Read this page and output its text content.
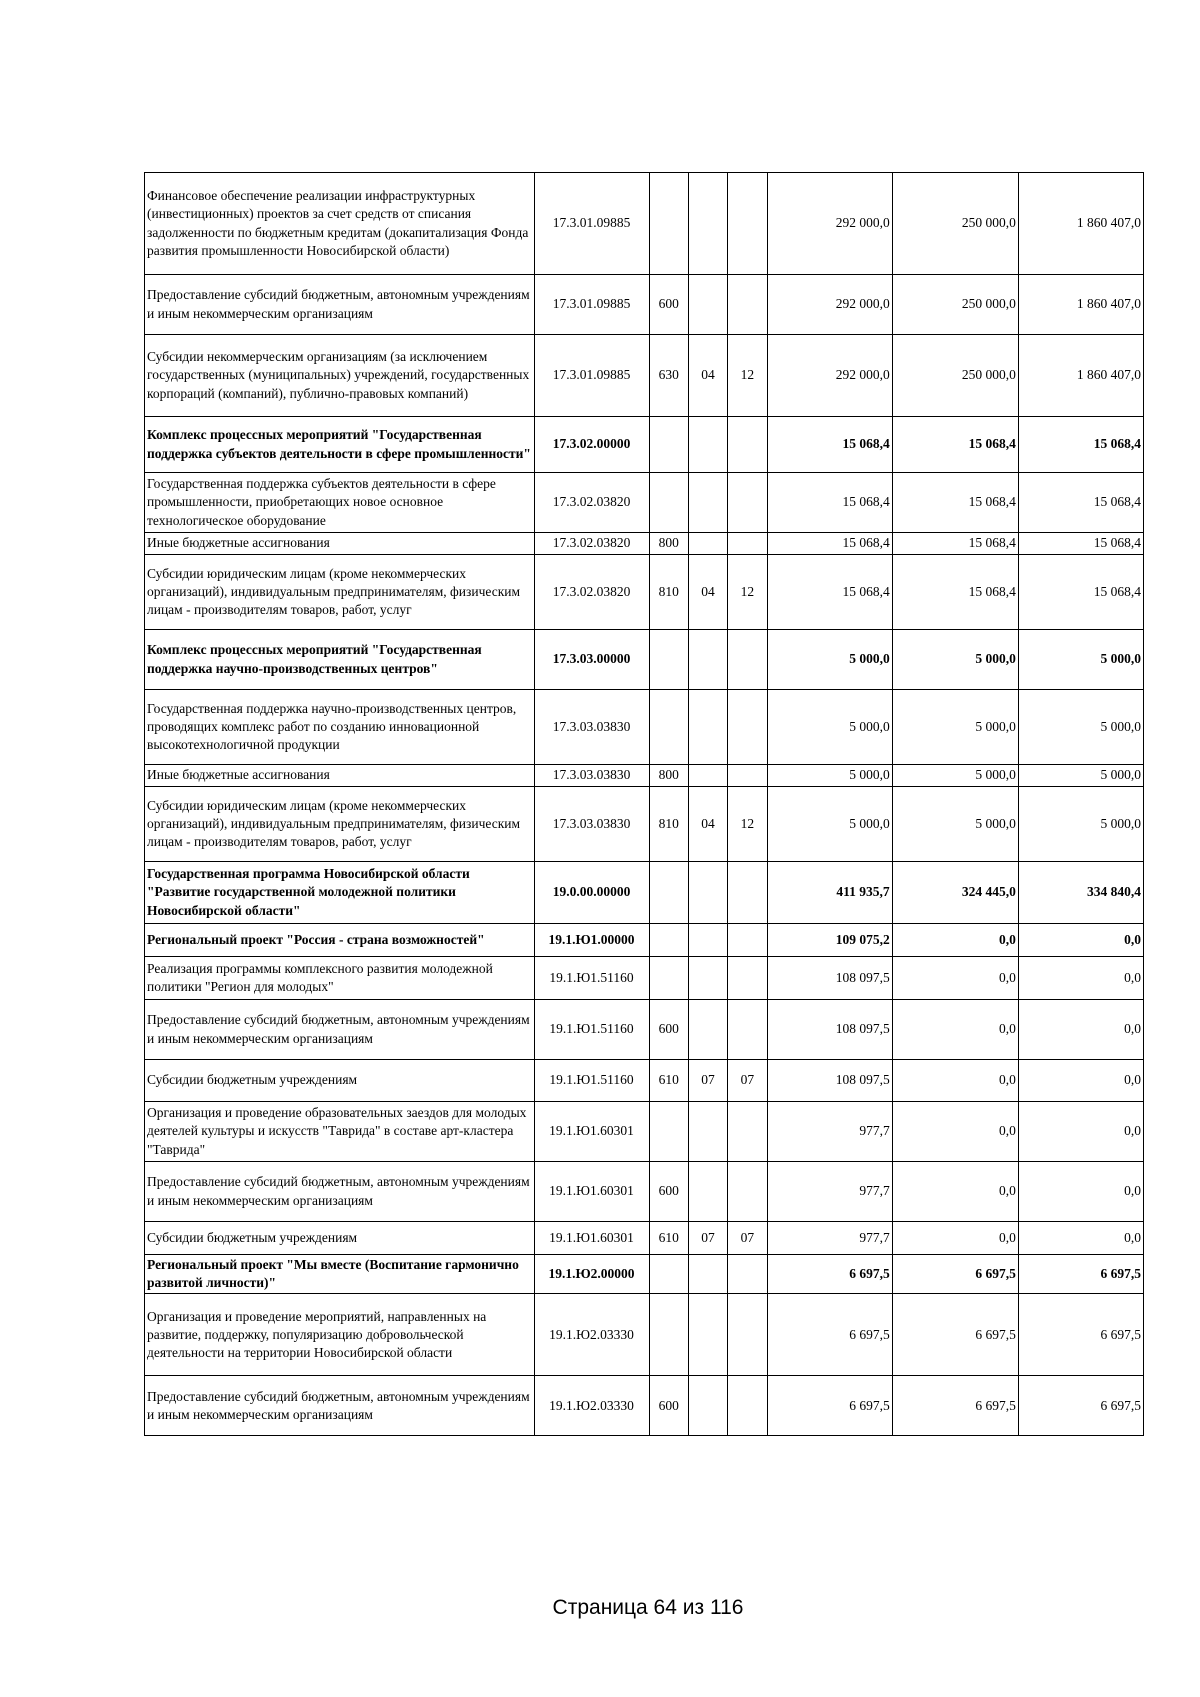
Финансовое обеспечение реализации инфраструктурных (инвестиционных) проектов за счет средств от списания задолженности по бюджетным кредитам (докапитализация Фонда развития промышленности Новосибирской области)	17.3.01.09885				292 000,0	250 000,0	1 860 407,0
Предоставление субсидий бюджетным, автономным учреждениям и иным некоммерческим организациям	17.3.01.09885	600			292 000,0	250 000,0	1 860 407,0
Субсидии некоммерческим организациям (за исключением государственных (муниципальных) учреждений, государственных корпораций (компаний), публично-правовых компаний)	17.3.01.09885	630	04	12	292 000,0	250 000,0	1 860 407,0
Комплекс процессных мероприятий "Государственная поддержка субъектов деятельности в сфере промышленности"	17.3.02.00000				15 068,4	15 068,4	15 068,4
Государственная поддержка субъектов деятельности в сфере промышленности, приобретающих новое основное технологическое оборудование	17.3.02.03820				15 068,4	15 068,4	15 068,4
Иные бюджетные ассигнования	17.3.02.03820	800			15 068,4	15 068,4	15 068,4
Субсидии юридическим лицам (кроме некоммерческих организаций), индивидуальным предпринимателям, физическим лицам - производителям товаров, работ, услуг	17.3.02.03820	810	04	12	15 068,4	15 068,4	15 068,4
Комплекс процессных мероприятий "Государственная поддержка научно-производственных центров"	17.3.03.00000				5 000,0	5 000,0	5 000,0
Государственная поддержка научно-производственных центров, проводящих комплекс работ по созданию инновационной высокотехнологичной продукции	17.3.03.03830				5 000,0	5 000,0	5 000,0
Иные бюджетные ассигнования	17.3.03.03830	800			5 000,0	5 000,0	5 000,0
Субсидии юридическим лицам (кроме некоммерческих организаций), индивидуальным предпринимателям, физическим лицам - производителям товаров, работ, услуг	17.3.03.03830	810	04	12	5 000,0	5 000,0	5 000,0
Государственная программа Новосибирской области "Развитие государственной молодежной политики Новосибирской области"	19.0.00.00000				411 935,7	324 445,0	334 840,4
Региональный проект "Россия - страна возможностей"	19.1.Ю1.00000				109 075,2	0,0	0,0
Реализация программы комплексного развития молодежной политики "Регион для молодых"	19.1.Ю1.51160				108 097,5	0,0	0,0
Предоставление субсидий бюджетным, автономным учреждениям и иным некоммерческим организациям	19.1.Ю1.51160	600			108 097,5	0,0	0,0
Субсидии бюджетным учреждениям	19.1.Ю1.51160	610	07	07	108 097,5	0,0	0,0
Организация и проведение образовательных заездов для молодых деятелей культуры и искусств "Таврида" в составе арт-кластера "Таврида"	19.1.Ю1.60301				977,7	0,0	0,0
Предоставление субсидий бюджетным, автономным учреждениям и иным некоммерческим организациям	19.1.Ю1.60301	600			977,7	0,0	0,0
Субсидии бюджетным учреждениям	19.1.Ю1.60301	610	07	07	977,7	0,0	0,0
Региональный проект "Мы вместе (Воспитание гармонично развитой личности)"	19.1.Ю2.00000				6 697,5	6 697,5	6 697,5
Организация и проведение мероприятий, направленных на развитие, поддержку, популяризацию добровольческой деятельности на территории Новосибирской области	19.1.Ю2.03330				6 697,5	6 697,5	6 697,5
Предоставление субсидий бюджетным, автономным учреждениям и иным некоммерческим организациям	19.1.Ю2.03330	600			6 697,5	6 697,5	6 697,5
Страница 64 из 116
